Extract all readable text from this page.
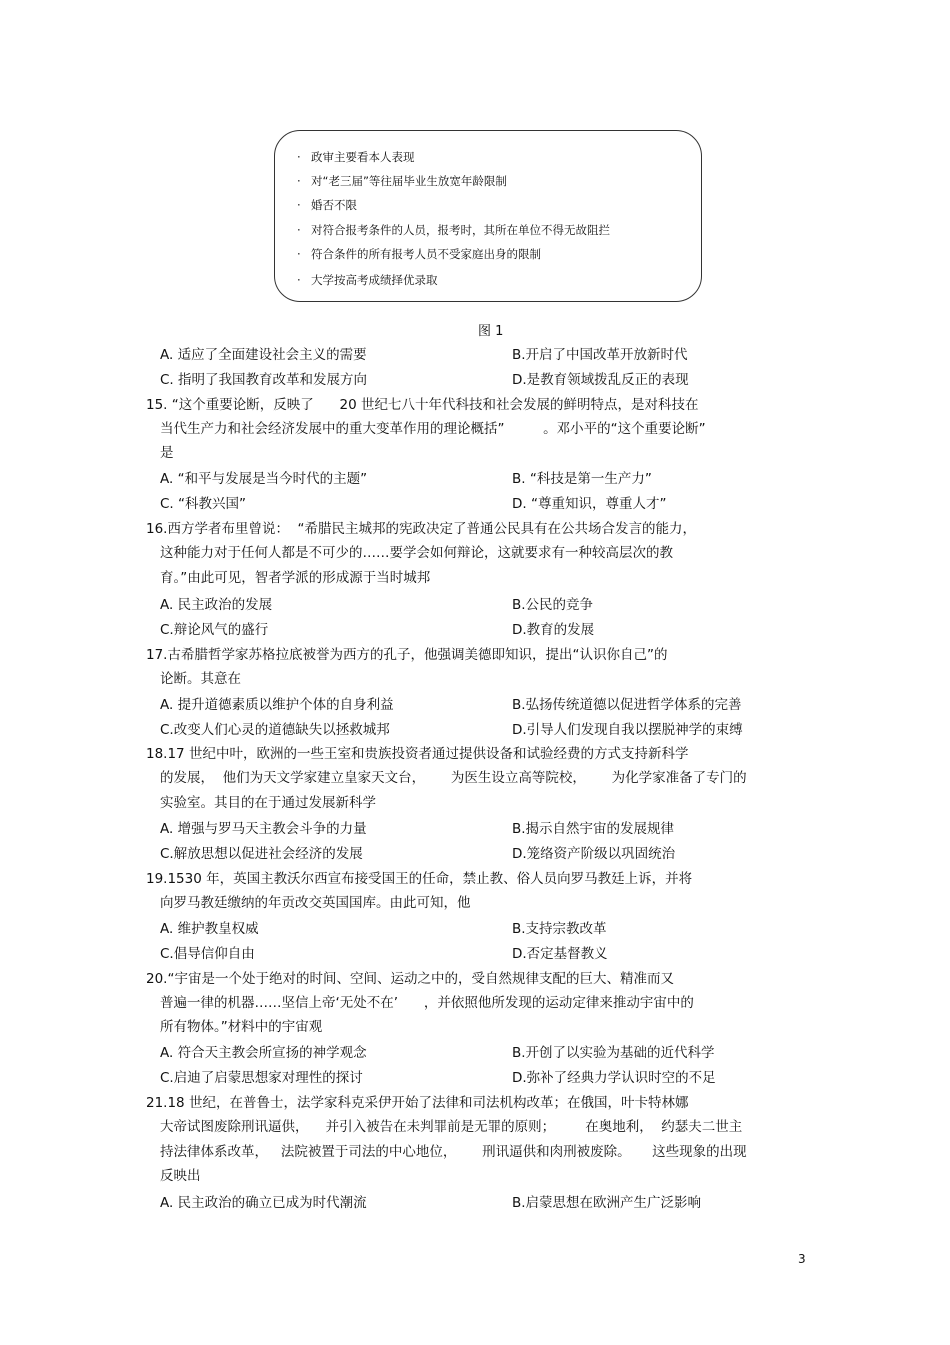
· 政审主要看本人表现
· 对“老三届”等往届毕业生放宽年龄限制
· 婚否不限
· 对符合报考条件的人员，报考时，其所在单位不得无故阻拦
· 符合条件的所有报考人员不受家庭出身的限制
· 大学按高考成绩择优录取
图 1
A. 适应了全面建设社会主义的需要	B.开启了中国改革开放新时代
C. 指明了我国教育改革和发展方向	D.是教育领域拨乱反正的表现
15. “这个重要论断，反映了      20 世纪七八十年代科技和社会发展的鲜明特点，是对科技在
当代生产力和社会经济发展中的重大变革作用的理论概括”         。邓小平的“这个重要论断”
是
A. “和平与发展是当今时代的主题”	B. “科技是第一生产力”
C. “科教兴国”	D. “尊重知识，尊重人才”
16.西方学者布里曾说：  “希腊民主城邦的宪政决定了普通公民具有在公共场合发言的能力，
这种能力对于任何人都是不可少的……要学会如何辩论，这就要求有一种较高层次的教
育。”由此可见，智者学派的形成源于当时城邦
A. 民主政治的发展	B.公民的竞争
C.辩论风气的盛行	D.教育的发展
17.古希腊哲学家苏格拉底被誉为西方的孔子，他强调美德即知识，提出“认识你自己”的
论断。其意在
A. 提升道德素质以维护个体的自身利益	B.弘扬传统道德以促进哲学体系的完善
C.改变人们心灵的道德缺失以拯救城邦	D.引导人们发现自我以摆脱神学的束缚
18.17 世纪中叶，欧洲的一些王室和贵族投资者通过提供设备和试验经费的方式支持新科学
的发展，  他们为天文学家建立皇家天文台，      为医生设立高等院校，      为化学家准备了专门的
实验室。其目的在于通过发展新科学
A. 增强与罗马天主教会斗争的力量	B.揭示自然宇宙的发展规律
C.解放思想以促进社会经济的发展	D.笼络资产阶级以巩固统治
19.1530 年，英国主教沃尔西宣布接受国王的任命，禁止教、俗人员向罗马教廷上诉，并将
向罗马教廷缴纳的年贡改交英国国库。由此可知，他
A. 维护教皇权威	B.支持宗教改革
C.倡导信仰自由	D.否定基督教义
20.“宇宙是一个处于绝对的时间、空间、运动之中的，受自然规律支配的巨大、精准而又
普遍一律的机器……坚信上帝‘无处不在’      ，并依照他所发现的运动定律来推动宇宙中的
所有物体。”材料中的宇宙观
A. 符合天主教会所宣扬的神学观念	B.开创了以实验为基础的近代科学
C.启迪了启蒙思想家对理性的探讨	D.弥补了经典力学认识时空的不足
21.18 世纪，在普鲁士，法学家科克采伊开始了法律和司法机构改革；在俄国，叶卡特林娜
大帝试图废除刑讯逼供，    并引入被告在未判罪前是无罪的原则；       在奥地利，  约瑟夫二世主
持法律体系改革，   法院被置于司法的中心地位，      刑讯逼供和肉刑被废除。     这些现象的出现
反映出
A. 民主政治的确立已成为时代潮流	B.启蒙思想在欧洲产生广泛影响
3
